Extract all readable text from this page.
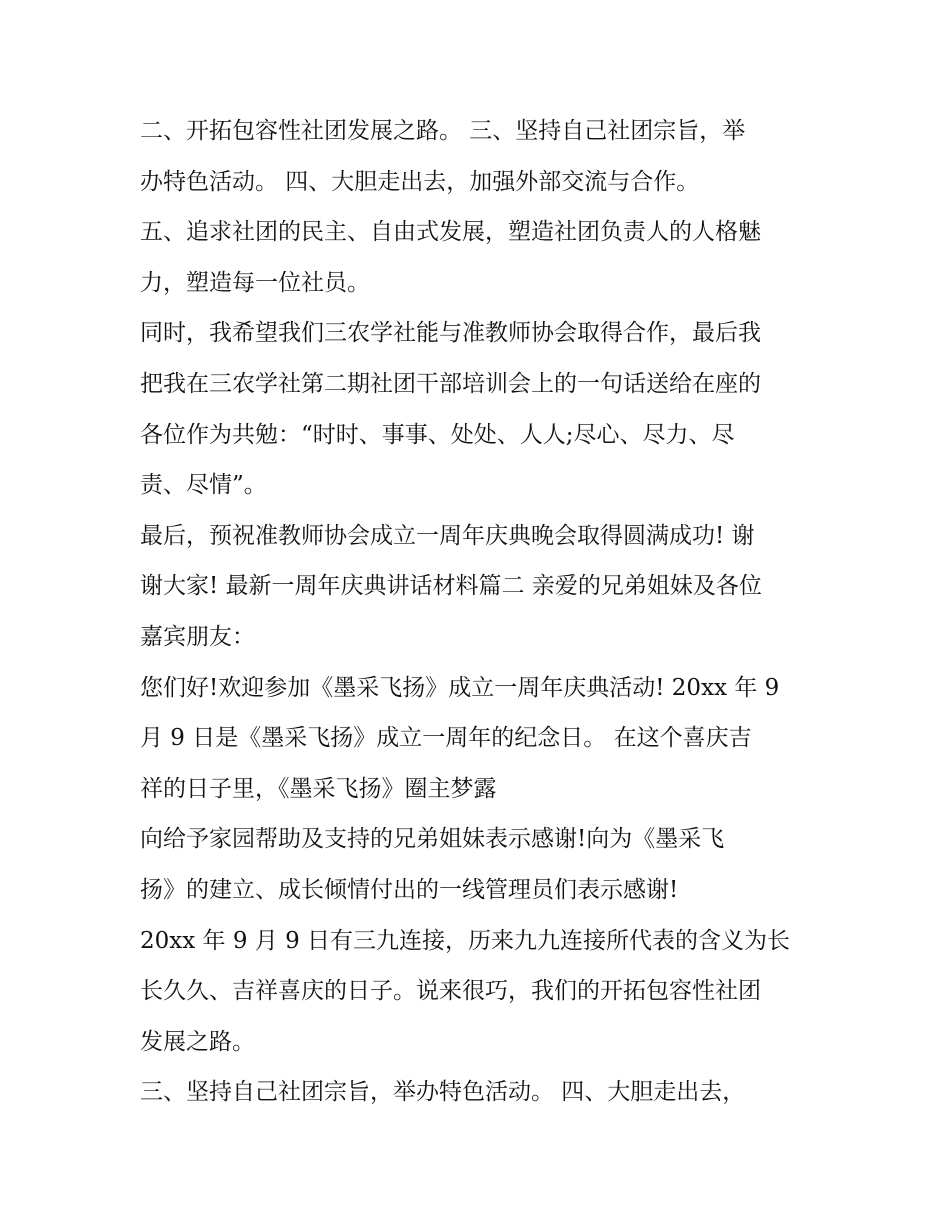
二、开拓包容性社团发展之路。 三、坚持自己社团宗旨，举
办特色活动。 四、大胆走出去，加强外部交流与合作。
五、追求社团的民主、自由式发展，塑造社团负责人的人格魅
力，塑造每一位社员。
同时，我希望我们三农学社能与准教师协会取得合作，最后我
把我在三农学社第二期社团干部培训会上的一句话送给在座的
各位作为共勉：“时时、事事、处处、人人;尽心、尽力、尽
责、尽情”。
最后，预祝准教师协会成立一周年庆典晚会取得圆满成功! 谢
谢大家! 最新一周年庆典讲话材料篇二 亲爱的兄弟姐妹及各位
嘉宾朋友：
您们好!欢迎参加《墨采飞扬》成立一周年庆典活动! 20xx 年 9
月 9 日是《墨采飞扬》成立一周年的纪念日。 在这个喜庆吉
祥的日子里，《墨采飞扬》圈主梦露
向给予家园帮助及支持的兄弟姐妹表示感谢!向为《墨采飞
扬》的建立、成长倾情付出的一线管理员们表示感谢!
20xx 年 9 月 9 日有三九连接，历来九九连接所代表的含义为长
长久久、吉祥喜庆的日子。说来很巧，我们的开拓包容性社团
发展之路。
三、坚持自己社团宗旨，举办特色活动。 四、大胆走出去，
